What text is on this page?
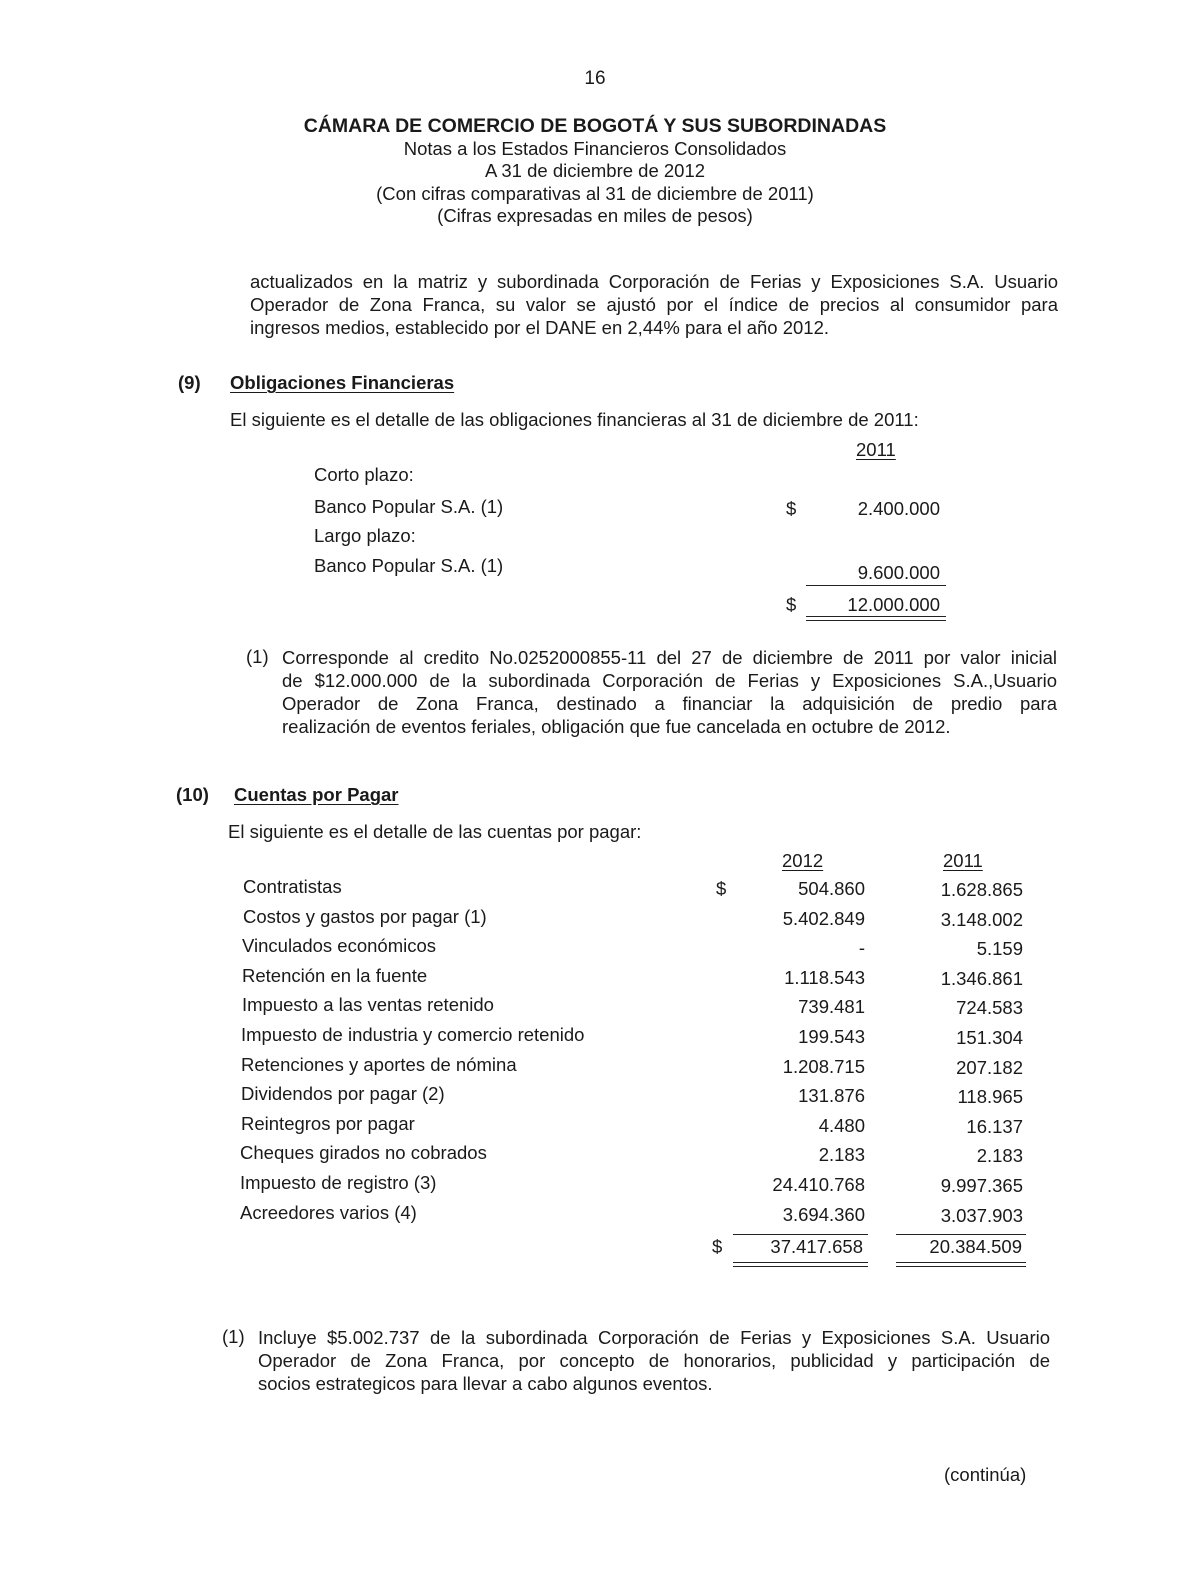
16
CÁMARA DE COMERCIO DE BOGOTÁ Y SUS SUBORDINADAS
Notas a los Estados Financieros Consolidados
A 31 de diciembre de 2012
(Con cifras comparativas al 31 de diciembre de 2011)
(Cifras expresadas en miles de pesos)
actualizados en la matriz y subordinada Corporación de Ferias y Exposiciones S.A. Usuario
Operador de Zona Franca, su valor se ajustó por el índice de precios al consumidor para
ingresos medios, establecido por el DANE en 2,44% para el año 2012.
(9) Obligaciones Financieras
El siguiente es el detalle de las obligaciones financieras al 31 de diciembre de 2011:
2011
Corto plazo:
Banco Popular S.A. (1)	$	2.400.000
Largo plazo:
Banco Popular S.A. (1)	9.600.000
$	12.000.000
(1) Corresponde al credito No.0252000855-11 del 27 de diciembre de 2011 por valor inicial
de $12.000.000 de la subordinada Corporación de Ferias y Exposiciones S.A.,Usuario
Operador de Zona Franca, destinado a financiar la adquisición de predio para
realización de eventos feriales, obligación que fue cancelada en octubre de 2012.
(10) Cuentas por Pagar
El siguiente es el detalle de las cuentas por pagar:
2012	2011
Contratistas	$	504.860	1.628.865
Costos y gastos por pagar (1)	5.402.849	3.148.002
Vinculados económicos	-	5.159
Retención en la fuente	1.118.543	1.346.861
Impuesto a las ventas retenido	739.481	724.583
Impuesto de industria y comercio retenido	199.543	151.304
Retenciones y aportes de nómina	1.208.715	207.182
Dividendos por pagar (2)	131.876	118.965
Reintegros por pagar	4.480	16.137
Cheques girados no cobrados	2.183	2.183
Impuesto de registro (3)	24.410.768	9.997.365
Acreedores varios (4)	3.694.360	3.037.903
$	37.417.658	20.384.509
(1) Incluye $5.002.737 de la subordinada Corporación de Ferias y Exposiciones S.A. Usuario
Operador de Zona Franca, por concepto de honorarios, publicidad y participación de
socios estrategicos para llevar a cabo algunos eventos.
(continúa)
